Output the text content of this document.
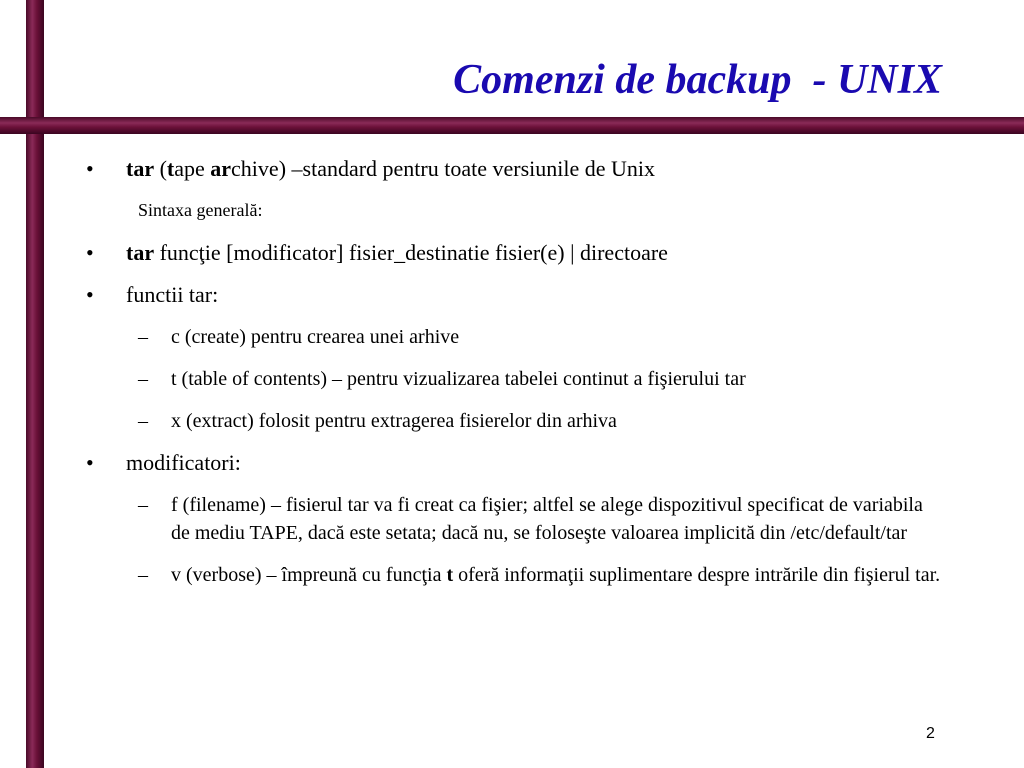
Comenzi de backup  - UNIX
• tar (tape archive) –standard pentru toate versiunile de Unix
Sintaxa generală:
• tar funcţie [modificator] fisier_destinatie fisier(e) | directoare
• functii tar:
– c (create) pentru crearea unei arhive
– t (table of contents) – pentru vizualizarea tabelei continut a fişierului tar
– x (extract) folosit pentru extragerea fisierelor din arhiva
• modificatori:
– f (filename) – fisierul tar va fi creat ca fişier; altfel se alege dispozitivul specificat de variabila de mediu TAPE, dacă este setata; dacă nu, se foloseşte valoarea implicită din /etc/default/tar
– v (verbose) – împreună cu funcţia t oferă informaţii suplimentare despre intrările din fişierul tar.
2
